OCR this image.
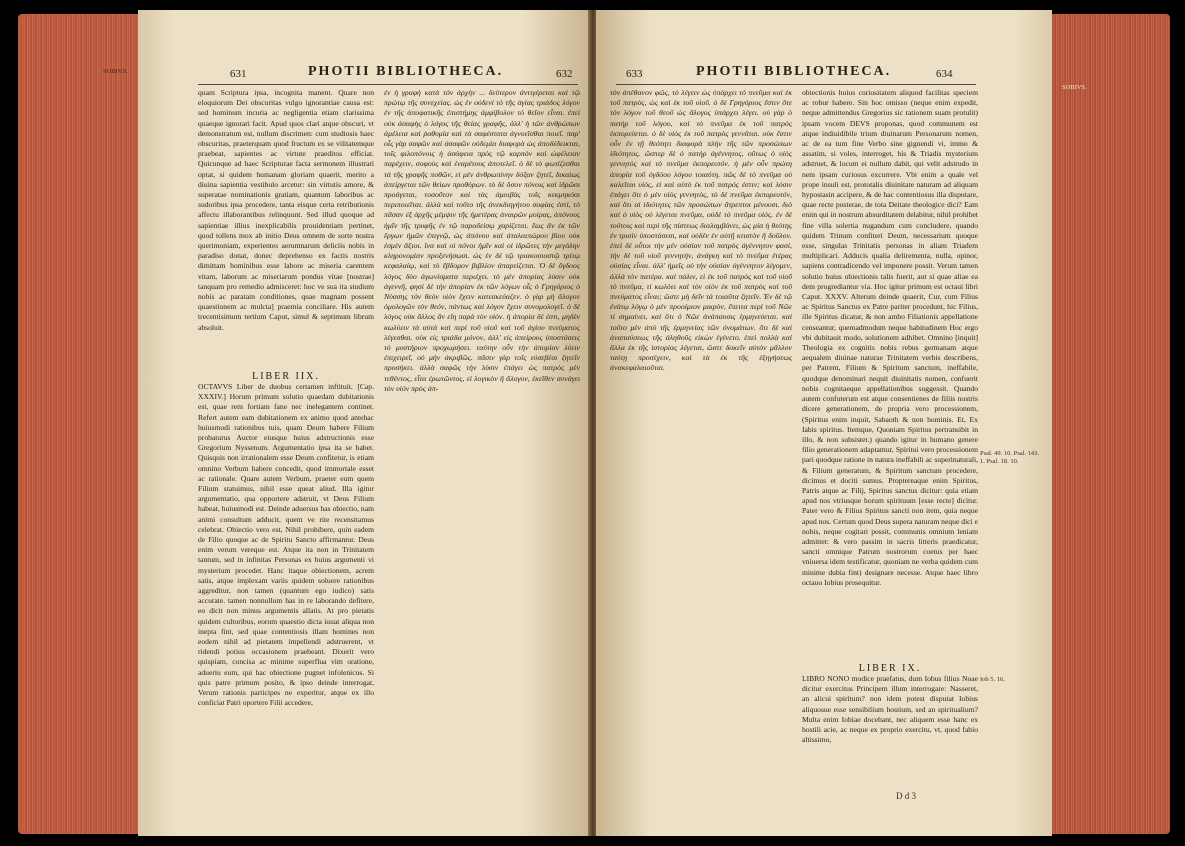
631	PHOTII BIBLIOTHECA.	632
quam Scriptura ipsa, incognita manent. Quare non eloquiorum Dei obscuritas vulgo ignorantiae causa est: sed hominum incuria ac negligentia etiam clarissima quaeque ignorari facit. Apud quos clari atque obscuri, vt demonstratum est, nullum discrimen: cum studiosis haec obscuritas, praeterquam quod fructum ex se vilitatemque praebeat, sapientes ac virtute praeditos efficiat. Quicunque ad haec Scripturae facta sermonem illustrari optat, si quidem humanam gloriam quaerit, merito a diuina sapientia vestibulo arcetur: sin virtutis amore, & superatae nominationis gratiam, quantum laboribus ac sudoribus ipsa procedere, tanta eisque certa retributionis affectu illaborantibus relinquunt. Sed illud quoque ad sapientiae illius inexplicabilis prouidentiam pertinet, quod tollens mox ab initio Deus omnem de sorte nostra querimoniam, experientes aerumnarum deliciis nobis in paradiso donat, donec deprehenso ex factis nostris dimittam hominibus esse labore ac miseria carentem vitam, laborum ac miseriarum pondus vitae [nostrae] tanquam pro remedio admisceret: hoc ve sua ita studium nobis ac paratam conditiones, quae magnam possent quaestionem ac mulcta] praemia conciliare. His autem trecentisimum tertium Caput, simul & septimum librum absoluit.
LIBER IIX.
OCTAVVS Liber de duobus certamen inftituit. [Cap. XXXIV.] Horum primum solutio quaedam dubitationis est, quae rem fortiam fane nec inelegantem continet. Refert autem eam dubitationem ex animo quod antehac huiusmodi rationibus tuis, quam Deum habere Filium probaturus Auctor eiusque huius adstructionis esse Gregorium Nyssenum. Argumentatio ipsa ita se habet. Quisquis non irrationalem esse Deum confitetur, is etiam omnino Verbum habere concedit, quod immortale esset ac rationale. Quare autem Verbum, praeter eum quem Filium statuimus, nihil esse queat aliud. Illa igitur argumentatio, qua opportere adstruit, vt Deus Filium habeat, huiusmodi est. Deinde aduersus has obiectio, nam animi consultum adducit, quem ve rite recensitamus celebrat. Obiectio vero est, Nihil prohibere, quin eadem de Filio quoque ac de Spiritu Sancto affirmantur. Deus enim verum vereque est. Atque ita non in Trinitatem tantum, sed in infinitas Personas ex huius argumenti vi mysterium procedet. Hanc itaque obiectionem, acrem satis, atque implexam variis quidem soluere rationibus aggreditur, non tamen (quantum ego iudico) satis accurate. tamen nonnullum has in re laborando defitere, eo dicit non minus argumentis allatis. At pro pietatis quidem cultoribus, eorum quaestio dicta iuuat aliqua non inepta fint, sed quae contentiosis illam homines non eodem nihil ad pietatem impellendi adstruerent, vt ridendi potius occasionem praebeant. Dixerit vero quispiam, concisa ac minime superflua vim oratione, adueriu eum, qui hac obiectione pugnet infolenicus. Si quis patre primum posito, & ipso deinde interrogat, Verum rationis participes ne experitur, atque ex illo conficiat Patri oportere Filii accedere,
ἐν ἡ γραφὴ κατὰ τὸν ἀρχὴν ... δεύτερον ἀντιγέρεται καὶ τῷ πρώτῳ τῆς συνεχείας. ὡς ἐν οὐδενὶ τὸ τῆς ἁγίας τριάδος λόγον ἐν τῆς ἀποφατικῆς ἐπιστήμης ἀμφίβολον τὸ θεῖον εἶναι. ἐπεὶ οὐκ ἀσαφὴς ὁ λόγος τῆς θείας γραφῆς, ἀλλ' ἡ τῶν ἀνθρώπων ἀμέλεια καὶ ῥαθυμία καὶ τὰ σαφέστατα ἀγνοεῖσθαι ποιεῖ. παρ' οἷς γὰρ σαφῶν καὶ ἀσαφῶν οὐδεμία διαφορὰ ὡς ἀποδέδεικται, τοῖς φιλοπόνοις ἡ ἀσάφεια πρὸς τῷ καρπὸν καὶ ὠφέλειαν παρέχειν, σοφοὺς καὶ ἐναρέτους ἀποτελεῖ. ὁ δὲ τὸ φωτίζεσθαι τὰ τῆς γραφῆς ποθῶν, εἰ μὲν ἀνθρωπίνην δόξαν ζητεῖ, δικαίως ἀπείργεται τῶν θείων προθύρων. τὸ δὲ ὅσον πόνοις καὶ ἱδρῶσι προάγεται, τοσοῦτον καὶ τὰς ἀμοιβὰς τοῖς κεκμηκόσι περιποιεῖται. ἀλλὰ καὶ τοῦτο τῆς ἀνεκδιηγήτου σοφίας ἐστί, τὸ πᾶσαν ἐξ ἀρχῆς μέμψιν τῆς ἡμετέρας ἀναιρῶν μοίρας, ἀπόνους ἡμῖν τῆς τρυφῆς ἐν τῷ παραδείσῳ χαρίζεται. ἕως ἂν ἐκ τῶν ἔργων ἡμῶν ἐπιγνῷ, ὡς ἀπόνου καὶ ἀταλαιπώρου βίου οὐκ ἐσμὲν ἄξιοι. ἵνα καὶ οἱ πόνοι ἡμῖν καὶ οἱ ἱδρῶτες τὴν μεγάλην κληρονομίαν προξενήσωσι. ὡς ἐν δὲ τῷ τριακοσιοστῷ τρίτῳ κεφαλαίῳ, καὶ τὸ ἕβδομον βιβλίον ἀπαρτίζεται. Ὁ δὲ ὄγδοος λόγος δύο ἀγωνίσματα περιέχει. τὸ μὲν ἀπορίας λύσιν οὐκ ἀγεννῆ, φησὶ δὲ τὴν ἀπορίαν ἐκ τῶν λόγων οἷς ὁ Γρηγόριος ὁ Νύσσης τὸν θεὸν υἱὸν ἔχειν κατεσκεύαζεν. ὁ γὰρ μὴ ἄλογον ὁμολογῶν τὸν θεόν, πάντως καὶ λόγον ἔχειν συνομολογεῖ. ὁ δὲ λόγος οὐκ ἄλλος ἂν εἴη παρὰ τὸν υἱόν. ἡ ἀπορία δὲ ἐστι, μηδὲν κωλύειν τὰ αὐτὰ καὶ περὶ τοῦ υἱοῦ καὶ τοῦ ἁγίου πνεύματος λέγεσθαι. οὐκ εἰς τριάδα μόνον, ἀλλ' εἰς ἀπείρους ὑποστάσεις τὸ μυστήριον προχωρήσει. ταύτην οὖν τὴν ἀπορίαν λύειν ἐπιχειρεῖ, οὐ μὴν ἀκριβῶς. πᾶσιν γὰρ τοῖς εὐσεβέσι ζητεῖν προσήκει. ἀλλὰ σαφῶς τὴν λύσιν ἐπάγει ὡς πατρὸς μὲν τεθέντος, εἶτα ἐρωτῶντος, εἰ λογικὸν ἢ ἄλογον, ἐκεῖθεν συνάγει τὸν υἱόν πρὸς ἀπ-
SOBIVS.	633	PHOTII BIBLIOTHECA.	634
τὸν ἀπέθανον φῶς, τὸ λέγειν ὡς ὑπάρχει τὸ πνεῦμα καὶ ἐκ τοῦ πατρὸς, ὡς καὶ ἐκ τοῦ υἱοῦ. ὁ δὲ Γρηγόριος ἔστιν ὅτε τὸν λόγον τοῦ θεοῦ ὡς ἄλογος ὑπάρχει λέγει. οὐ γὰρ ὁ πατὴρ τοῦ λόγου, καὶ τὸ πνεῦμα ἐκ τοῦ πατρὸς ἐκπορεύεται. ὁ δὲ υἱὸς ἐκ τοῦ πατρὸς γεννᾶται. οὐκ ἔστιν οὖν ἐν τῇ θεότητι διαφορὰ πλὴν τῆς τῶν προσώπων ἰδιότητος. ὥσπερ δὲ ὁ πατὴρ ἀγέννητος, οὕτως ὁ υἱὸς γεννητὸς καὶ τὸ πνεῦμα ἐκπορευτόν. ἡ μὲν οὖν πρώτη ἀπορία τοῦ ὀγδόου λόγου τοιαύτη. πῶς δὲ τὸ πνεῦμα οὐ καλεῖται υἱὸς, εἰ καὶ αὐτὸ ἐκ τοῦ πατρός ἐστιν; καὶ λύσιν ἐπάγει ὅτι ὁ μὲν υἱὸς γεννητὸς, τὸ δὲ πνεῦμα ἐκπορευτόν, καὶ ὅτι αἱ ἰδιότητες τῶν προσώπων ἄτρεπτοι μένουσι. διὸ καὶ ὁ υἱὸς οὐ λέγεται πνεῦμα, οὐδὲ τὸ πνεῦμα υἱός. ἐν δὲ τούτοις καὶ περὶ τῆς πίστεως διαλαμβάνει, ὡς μία ἡ θεότης ἐν τρισὶν ὑποστάσεσι, καὶ οὐδὲν ἐν αὐτῇ κτιστὸν ἢ δοῦλον. ἐπεὶ δὲ οὗτοι τὴν μὲν οὐσίαν τοῦ πατρὸς ἀγέννητον φασί, τὴν δὲ τοῦ υἱοῦ γεννητήν, ἀνάγκη καὶ τὸ πνεῦμα ἑτέρας οὐσίας εἶναι. ἀλλ' ἡμεῖς οὐ τὴν οὐσίαν ἀγέννητον λέγομεν, ἀλλὰ τὸν πατέρα. καὶ πάλιν, εἰ ἐκ τοῦ πατρὸς καὶ τοῦ υἱοῦ τὸ πνεῦμα, τί κωλύει καὶ τὸν υἱὸν ἐκ τοῦ πατρὸς καὶ τοῦ πνεύματος εἶναι; ὥστε μὴ δεῖν τὰ τοιαῦτα ζητεῖν. Ἐν δὲ τῷ ἐνάτῳ λόγῳ ὁ μὲν προοίμιον μικρὸν, ἔπειτα περὶ τοῦ Νῶε τί σημαίνει, καὶ ὅτι ὁ Νῶε ἀνάπαυσις ἑρμηνεύεται. καὶ τοῦτο μὲν ἀπὸ τῆς ἑρμηνείας τῶν ὀνομάτων. ὅτι δὲ καὶ ἀναπαύσεως τῆς ἀληθοῦς εἰκὼν ἐγένετο. ἐπεὶ πολλὰ καὶ ἄλλα ἐκ τῆς ἱστορίας λέγεται, ὥστε δοκεῖν αὐτὸν μᾶλλον ταύτῃ προσέχειν, καὶ τὰ ἐκ τῆς ἐξηγήσεως ἀνακεφαλαιοῦται.
obiectionis huius curiositatem aliquod facilitas speciem ac robur habere. Sin hoc omisso (neque enim expedit, neque admittendus Gregorius sic rationem suam protulit) ipsam vocem DEVS proponas, quod communem est atque indiuidibile trium diuinarum Personarum nomen, ac de ea tum fine Verbo sine gignendi vi, immo & assatim, si voles, interroget, his & Triadis mysterium adstruet, & locum ei nullum dabit, qui velit adstrudo in nem ipsam curiosus excurrere. Vbi enim a quale vel prope insuli est, prototalis diuinitate naturam ad aliquam hypostasin accipere, & de hac contentiosus illa disputare, quae recte posterae, de tota Deitate theologice dici? Eam enim qui in nostrum absurditatem delabitur, nihil prohibet fine villa solertia nugandum cum concludere, quando quidem Trinum confiteri Deum, necessarium quoque esse, singulas Trinitatis personas in aliam Triadem multiplicari. Adducis qualia delirementa, nulla, opinor, sapiens contradicendo vel imponere possit. Verum tamen solutio huius obiectionis talis fuerit, aut si quae aliae ea dem progrediantur via. Hoc igitur primum est octaui libri Caput. XXXV. Alterum deinde quaerit, Cur, cum Filius ac Spiritus Sanctus ex Patre pariter procedunt, hic Filius, ille Spiritus dicatur, & non ambo Filiationis appellatione censeantur, quemadmodum neque habitudinem Hoc ergo vbi dubitauit modo, solutionem adhibet. Omnino [inquit] Theologia ex cognitis nobis rebus germanam atque aequalem diuinae naturae Trinitatem verbis describens, per Patrem, Filium & Spiritum sanctum, ineffabile, quodque denominari nequit diuinitatis nomen, confuerit nobis cognitaeque appellationibus suggessit. Quando autem confuterum est atque consentienes de filiis nostris dicere generationem, de propria vero processionem, (Spiritus enim inquit, Sabaoth & non hominis. Et, Ex Iabis spiritus. Itemque, Quoniam Spiritus pertransibit in illo, & non subsistet.) quando igitur in humano genere filio generationem adaptamur, Spiritui vero processionem pari quodque ratione in natura ineffabili ac superinaturali, & Filium generatum, & Spiritum sanctum procedere, dicimus et dociti sumus. Proptereaque enim Spiritus, Patris atque ac Filij, Spiritus sanctus dicitur: quia etiam apud nos vtriusque horum spirituum [esse recte] dicitur. Pater vero & Filius Spiritus sancti non item, quia neque apud nos. Certum quod Deus supera naturam neque dici e nobis, neque cogitari possit, communis omnium leniam admittet: & vero passim in sacris litteris praedicatur, sancti omnique Patrum nostrorum coetus per haec vniuersa idem testificatur, quoniam ne verba quidem cum minime dubia fint) designare necesse. Atque haec libro octauo Iobius prosequitur.
LIBER IX.
LIBRO NONO modice praefatus, dum Iobus filius Noae dicitur exercitus Principem illum interrogare: Nasseret, an alicui spiritum? non idem potest disputat Iobius aliquosue esse sensibilium hostium, sed an spiritualium? Multa enim Iobiae docebant, nec aliquem esse hanc ex hostili acie, ac neque ex proprio exercitu, vt, quod fabio altissimo,
D d 3
Psal. 49. 10. Psal. 143. 1. Psal. 18. 10.
Iob 5. 16.
SOBIVS.
